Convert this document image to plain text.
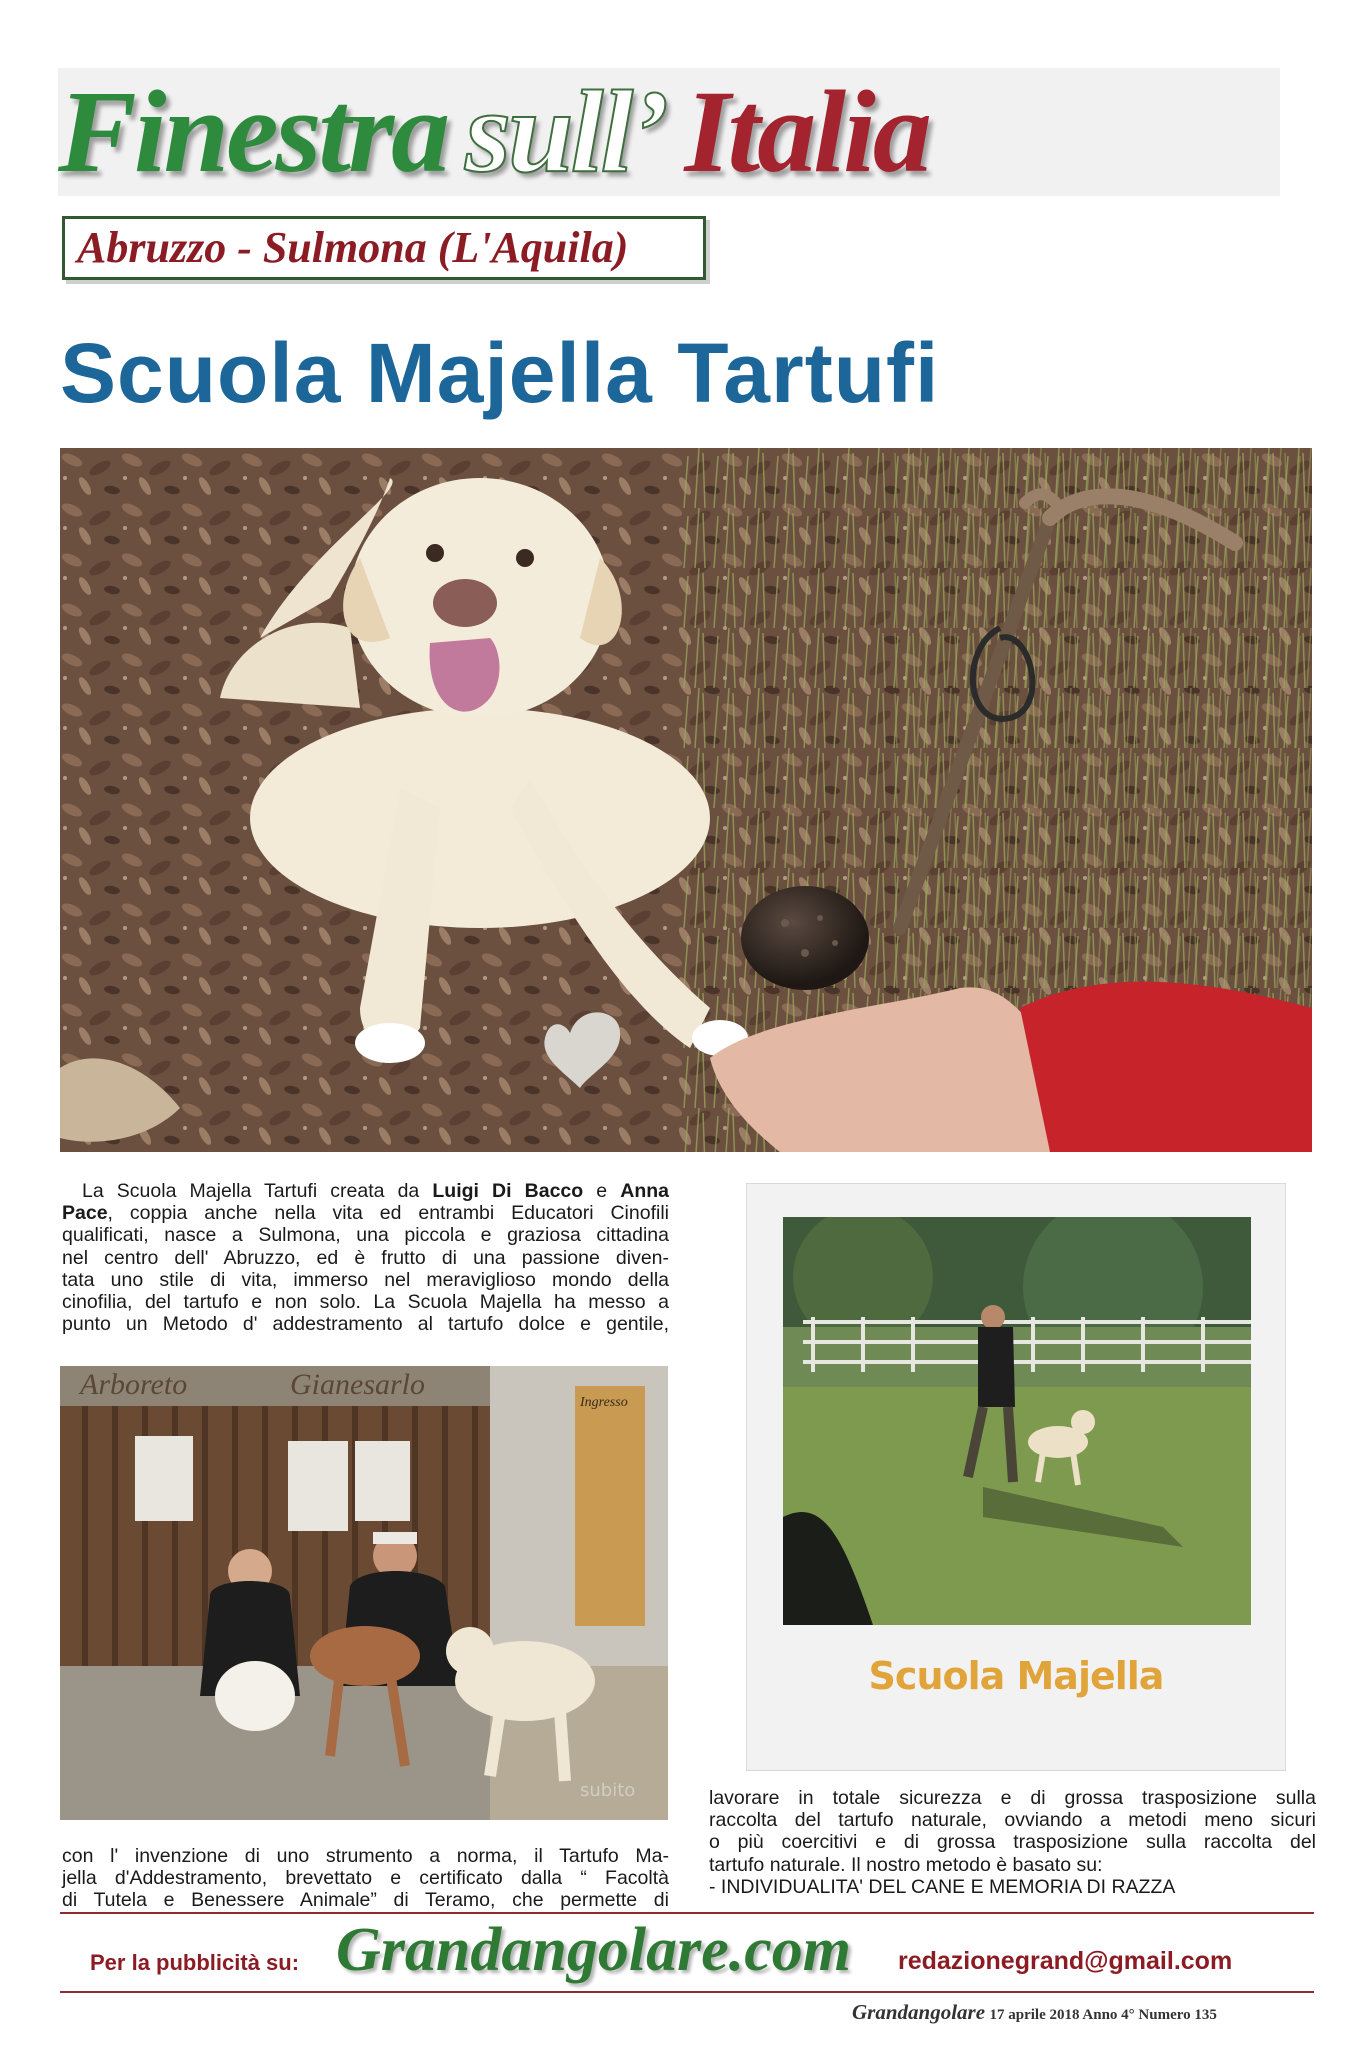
Finestra sull’ Italia
Abruzzo - Sulmona (L'Aquila)
Scuola Majella Tartufi
La Scuola Majella Tartufi creata da Luigi Di Bacco e Anna
Pace, coppia anche nella vita ed entrambi Educatori Cinofili
qualificati, nasce a Sulmona, una piccola e graziosa cittadina
nel centro dell' Abruzzo, ed è frutto di una passione diven-
tata uno stile di vita, immerso nel meraviglioso mondo della
cinofilia, del tartufo e non solo. La Scuola Majella ha messo a
punto un Metodo d' addestramento al tartufo dolce e gentile,
Arboreto	Gianesarlo
Ingresso
subito
Scuola Majella
con l' invenzione di uno strumento a norma, il Tartufo Ma-
jella d'Addestramento, brevettato e certificato dalla “ Facoltà
di Tutela e Benessere Animale” di Teramo, che permette di
lavorare in totale sicurezza e di grossa trasposizione sulla
raccolta del tartufo naturale, ovviando a metodi meno sicuri
o più coercitivi e di grossa trasposizione sulla raccolta del
tartufo naturale. Il nostro metodo è basato su:
- INDIVIDUALITA' DEL CANE E MEMORIA DI RAZZA
Per la pubblicità su: Grandangolare.com redazionegrand@gmail.com
Grandangolare 17 aprile 2018 Anno 4° Numero 135
